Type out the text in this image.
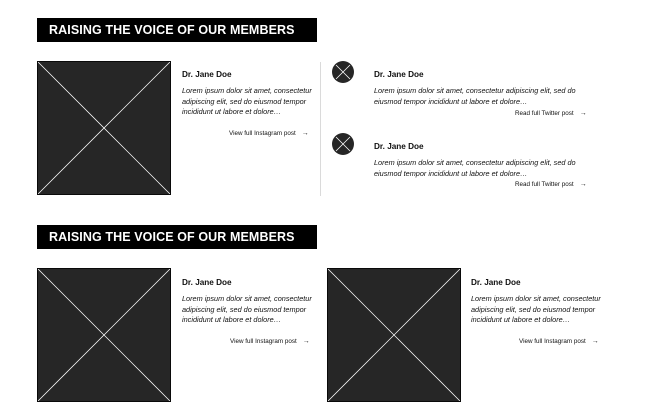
RAISING THE VOICE OF OUR MEMBERS
Dr. Jane Doe
Lorem ipsum dolor sit amet, consectetur adipiscing elit, sed do eiusmod tempor incididunt ut labore et dolore…
View full Instagram post →
Dr. Jane Doe
Lorem ipsum dolor sit amet, consectetur adipiscing elit, sed do eiusmod tempor incididunt ut labore et dolore…
Read full Twitter post →
Dr. Jane Doe
Lorem ipsum dolor sit amet, consectetur adipiscing elit, sed do eiusmod tempor incididunt ut labore et dolore…
Read full Twitter post →
RAISING THE VOICE OF OUR MEMBERS
Dr. Jane Doe
Lorem ipsum dolor sit amet, consectetur adipiscing elit, sed do eiusmod tempor incididunt ut labore et dolore…
View full Instagram post →
Dr. Jane Doe
Lorem ipsum dolor sit amet, consectetur adipiscing elit, sed do eiusmod tempor incididunt ut labore et dolore…
View full Instagram post →
